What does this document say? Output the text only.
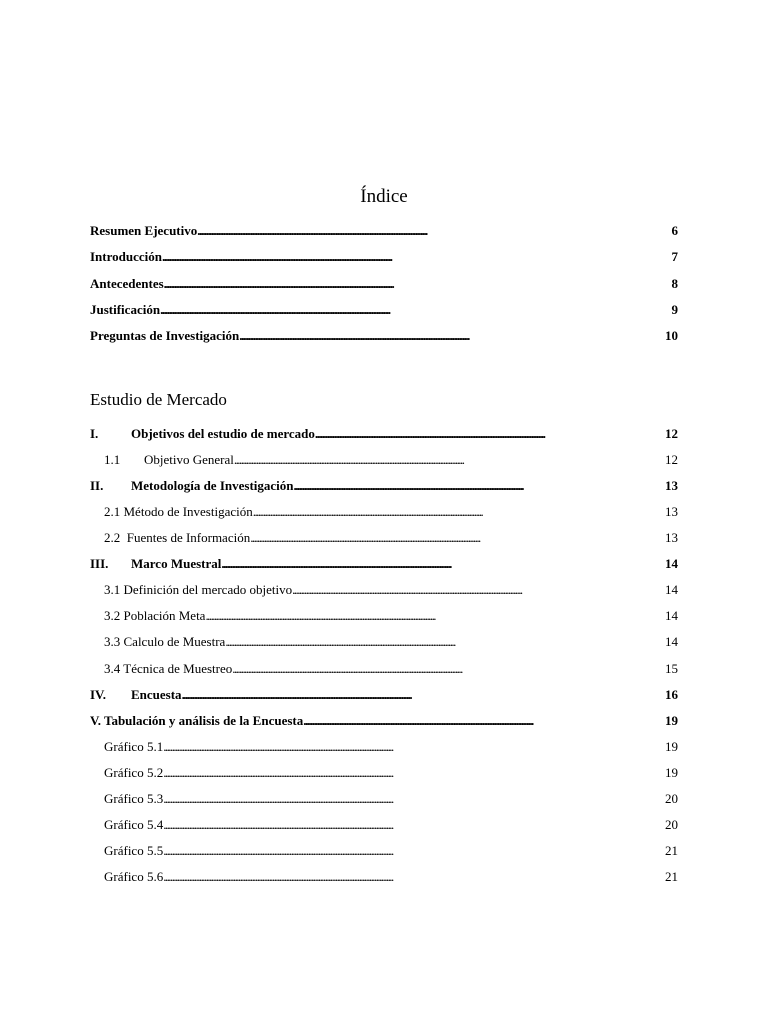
Índice
Resumen Ejecutivo . . .	6
Introducción . . .	7
Antecedentes . . .	8
Justificación . . .	9
Preguntas de Investigación . . .	10
Estudio de Mercado
I.	Objetivos del estudio de mercado . . .	12
1.1	Objetivo General . . .	12
II.	Metodología de Investigación . . .	13
2.1 Método de Investigación . . .	13
2.2  Fuentes de Información . . .	13
III.	Marco Muestral . . .	14
3.1 Definición del mercado objetivo . . .	14
3.2 Población Meta . . .	14
3.3 Calculo de Muestra . . .	14
3.4 Técnica de Muestreo . . .	15
IV.	Encuesta . . .	16
V. Tabulación y análisis de la Encuesta . . .	19
Gráfico 5.1 . . .	19
Gráfico 5.2 . . .	19
Gráfico 5.3 . . .	20
Gráfico 5.4 . . .	20
Gráfico 5.5 . . .	21
Gráfico 5.6 . . .	21
